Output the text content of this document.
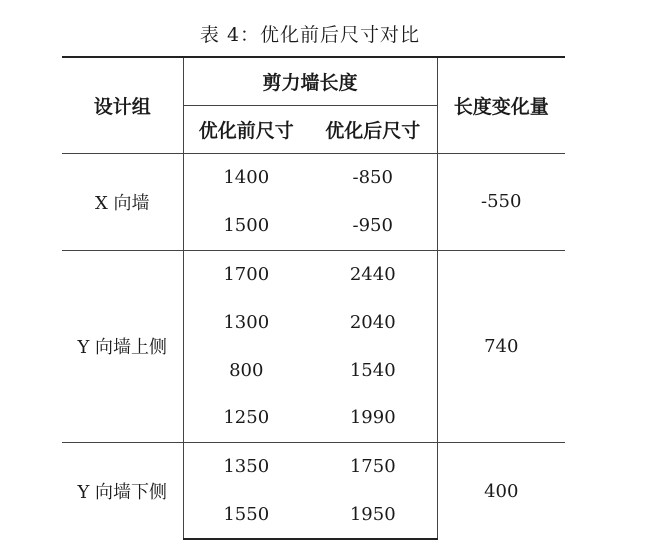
表 4：优化前后尺寸对比
设计组	剪力墙长度		长度变化量
	优化前尺寸	优化后尺寸	
X 向墙	1400	-850	-550
	1500	-950	
Y 向墙上侧	1700	2440	740
	1300	2040	
	800	1540	
	1250	1990	
Y 向墙下侧	1350	1750	400
	1550	1950	
